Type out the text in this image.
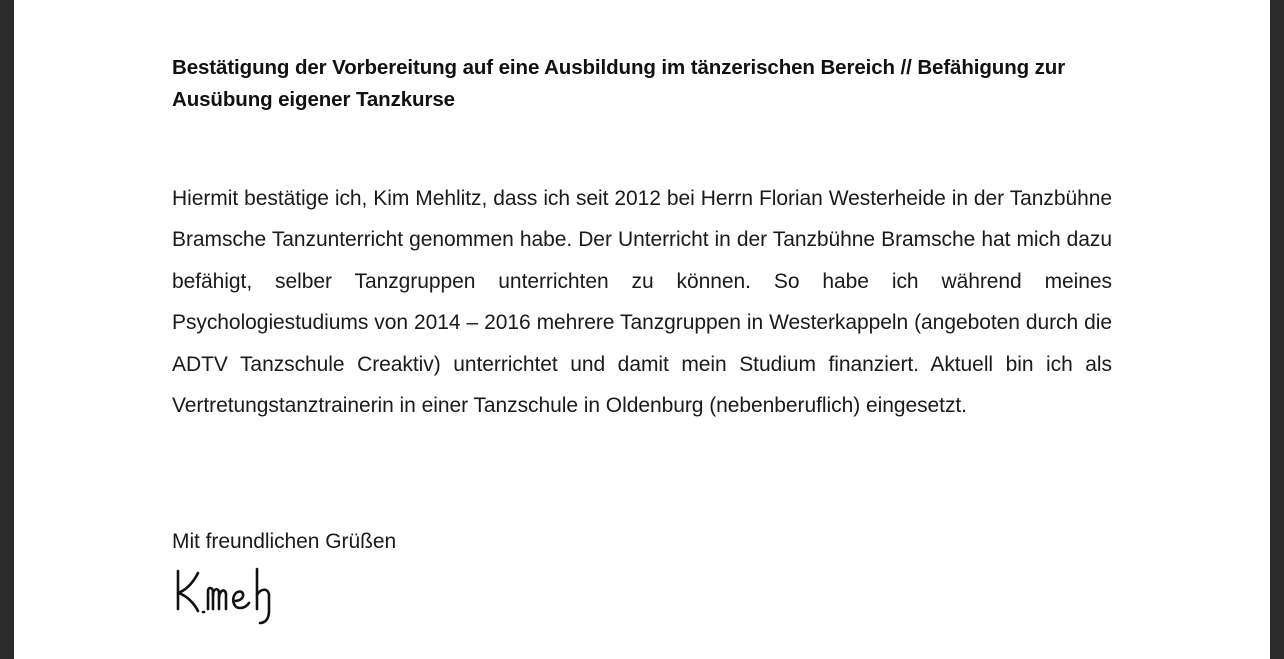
Bestätigung der Vorbereitung auf eine Ausbildung im tänzerischen Bereich // Befähigung zur Ausübung eigener Tanzkurse

Hiermit bestätige ich, Kim Mehlitz, dass ich seit 2012 bei Herrn Florian Westerheide in der Tanzbühne Bramsche Tanzunterricht genommen habe. Der Unterricht in der Tanzbühne Bramsche hat mich dazu befähigt, selber Tanzgruppen unterrichten zu können. So habe ich während meines Psychologiestudiums von 2014 – 2016 mehrere Tanzgruppen in Westerkappeln (angeboten durch die ADTV Tanzschule Creaktiv) unterrichtet und damit mein Studium finanziert. Aktuell bin ich als Vertretungstanztrainerin in einer Tanzschule in Oldenburg (nebenberuflich) eingesetzt.

Mit freundlichen Grüßen
